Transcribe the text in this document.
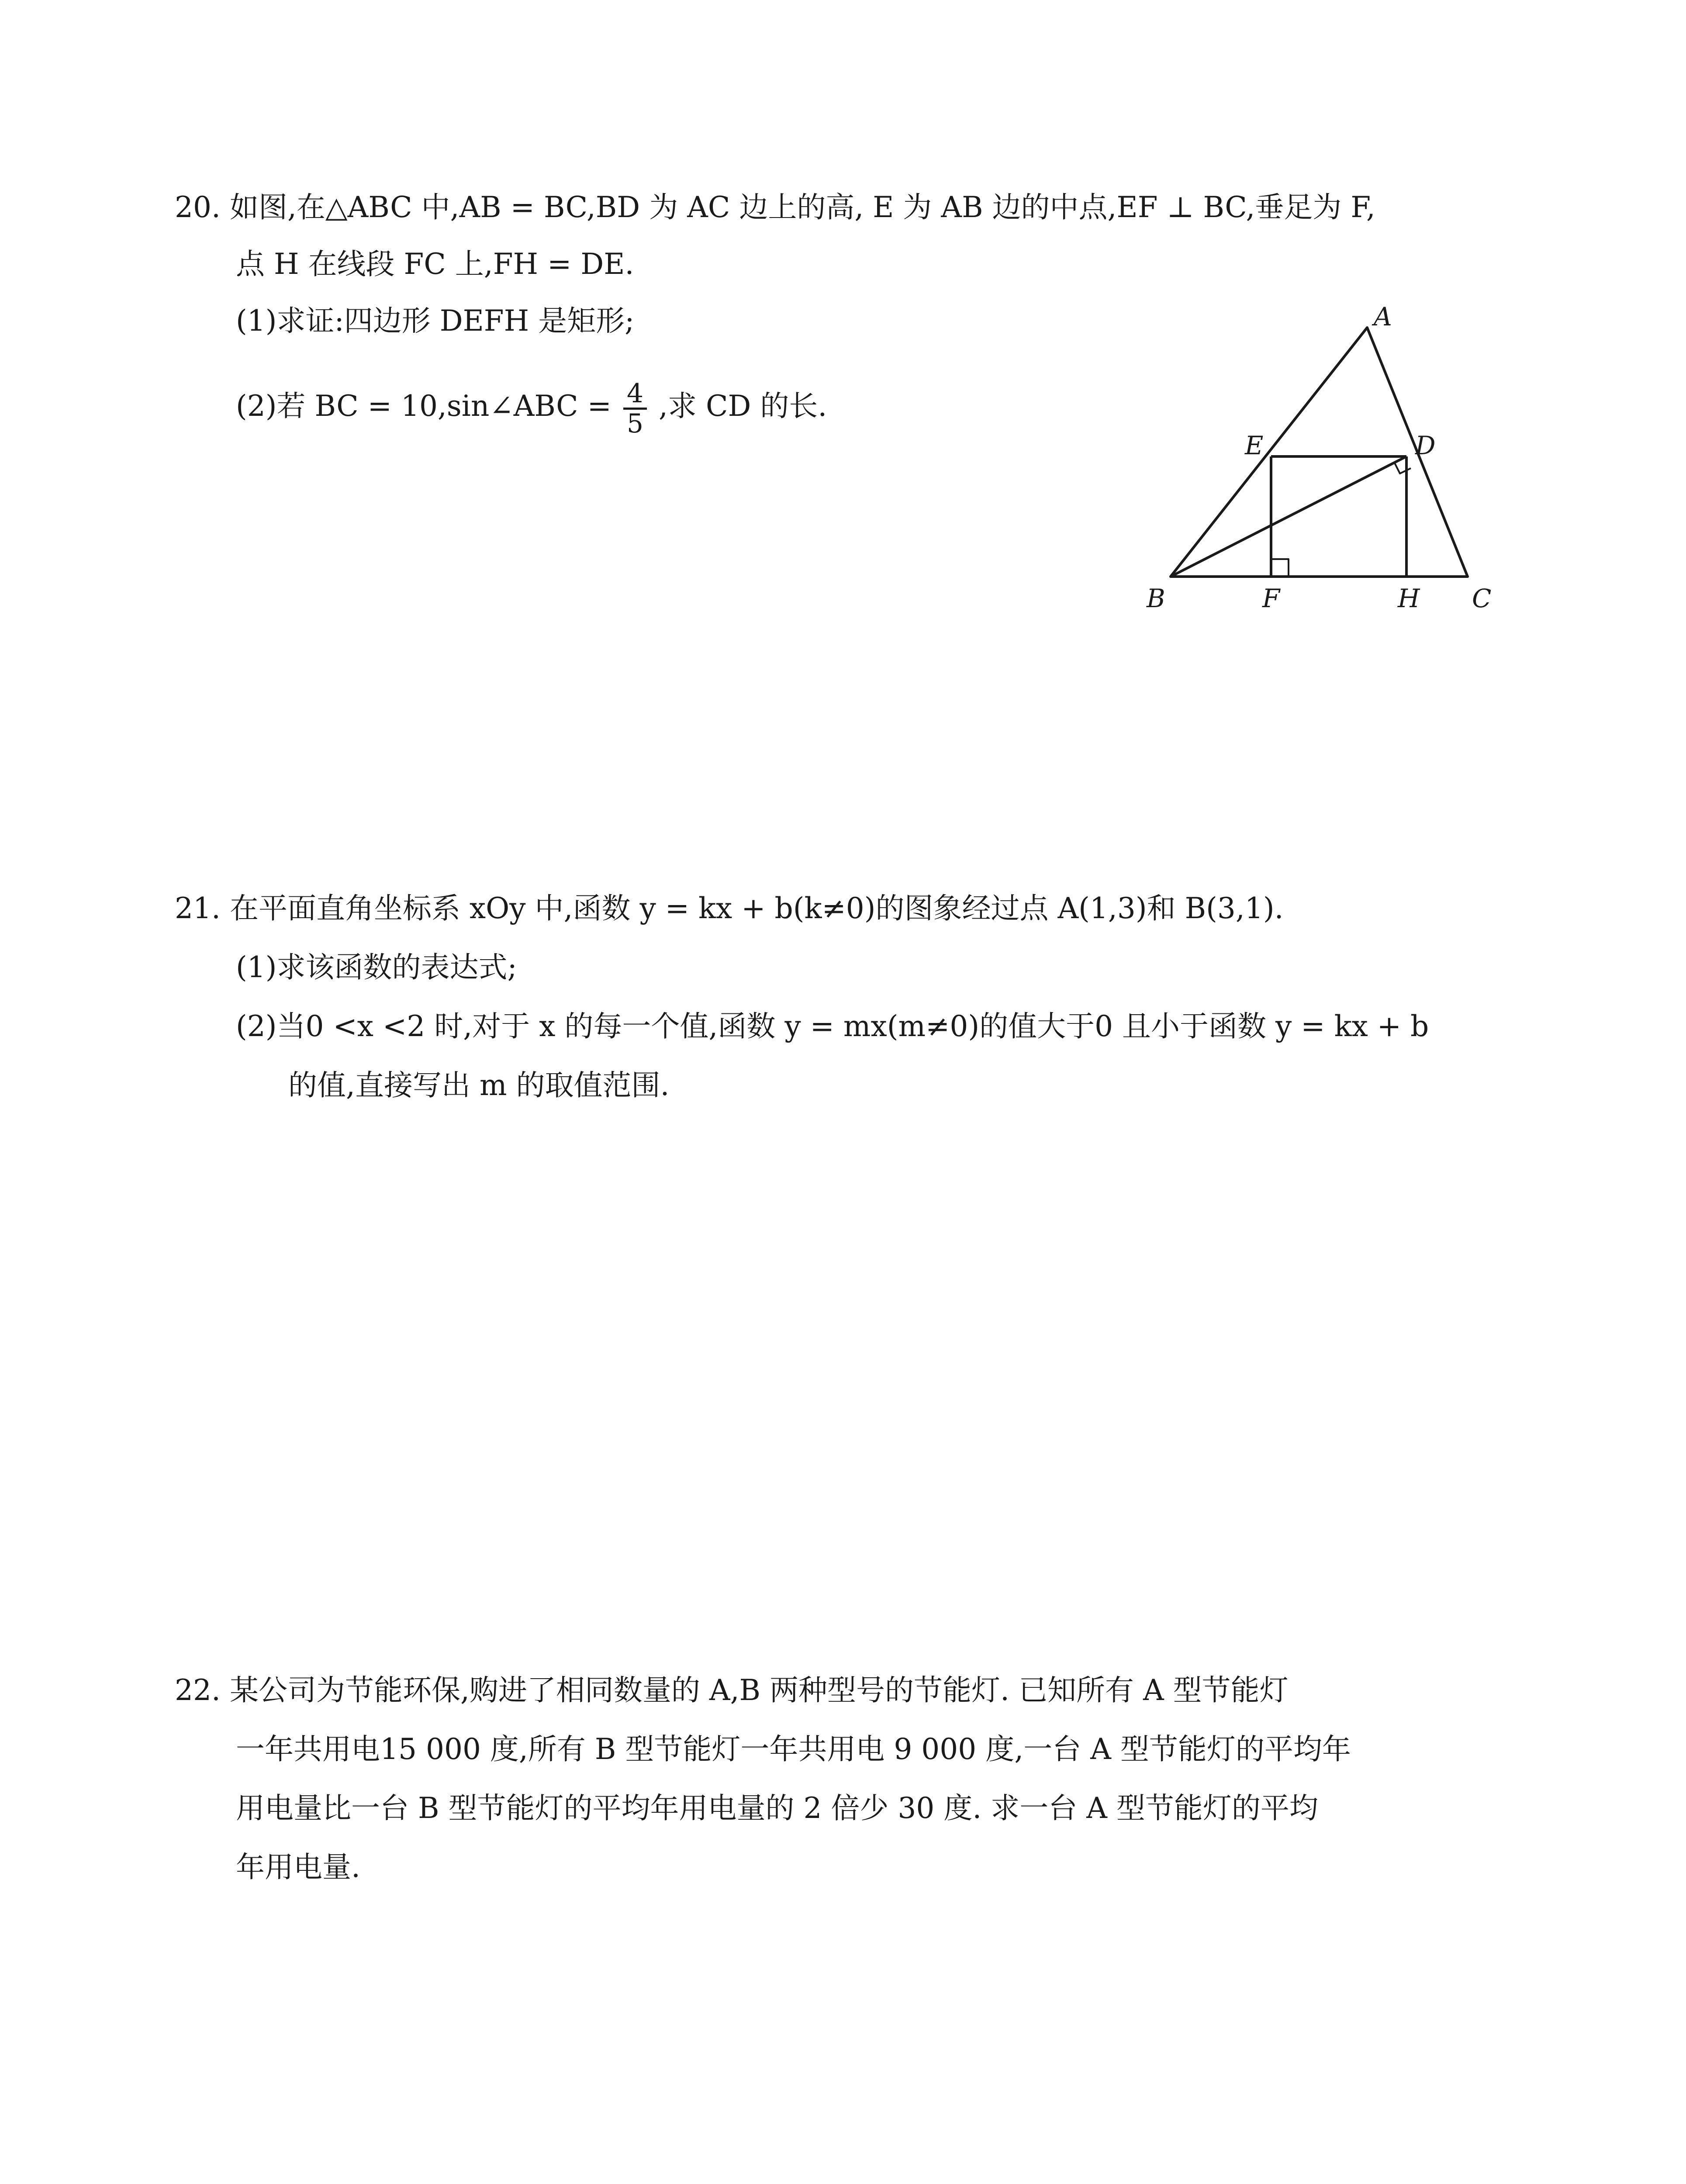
20. 如图,在△ABC 中,AB = BC,BD 为 AC 边上的高, E 为 AB 边的中点,EF ⊥ BC,垂足为 F,

点 H 在线段 FC 上,FH = DE.

(1)求证:四边形 DEFH 是矩形;

(2)若 BC = 10,sin∠ABC = $\frac{4}{5}$ ,求 CD 的长.

A
B	C
D
E
F	H

21. 在平面直角坐标系 xOy 中,函数 y = kx + b(k≠0)的图象经过点 A(1,3)和 B(3,1).

(1)求该函数的表达式;

(2)当0 <x <2 时,对于 x 的每一个值,函数 y = mx(m≠0)的值大于0 且小于函数 y = kx + b

的值,直接写出 m 的取值范围.

22. 某公司为节能环保,购进了相同数量的 A,B 两种型号的节能灯. 已知所有 A 型节能灯

一年共用电15 000 度,所有 B 型节能灯一年共用电 9 000 度,一台 A 型节能灯的平均年

用电量比一台 B 型节能灯的平均年用电量的 2 倍少 30 度. 求一台 A 型节能灯的平均

年用电量.
